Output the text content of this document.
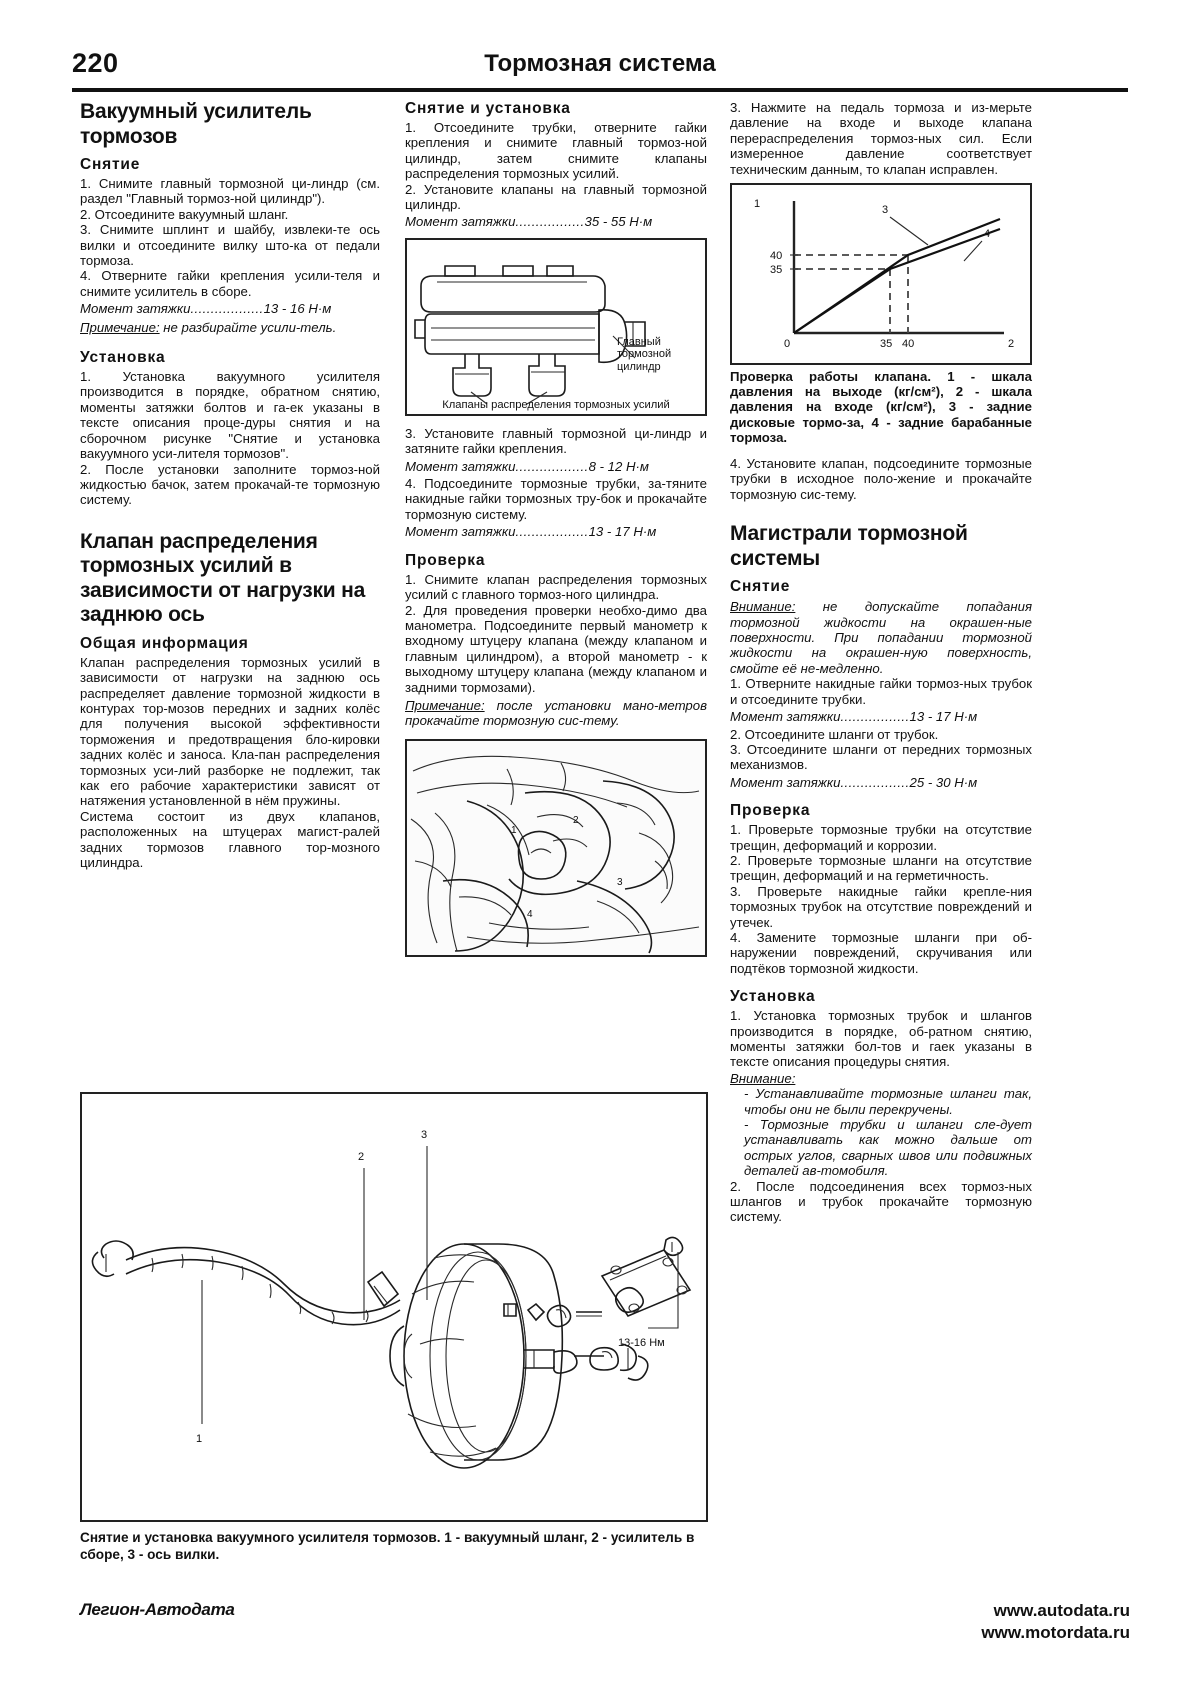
220	Тормозная система
Вакуумный усилитель тормозов
Снятие

1. Снимите главный тормозной ци-линдр (см. раздел "Главный тормоз-ной цилиндр").

2. Отсоедините вакуумный шланг.

3. Снимите шплинт и шайбу, извлеки-те ось вилки и отсоедините вилку што-ка от педали тормоза.

4. Отверните гайки крепления усили-теля и снимите усилитель в сборе.

Момент затяжки..................13 - 16 Н·м

Примечание: не разбирайте усили-тель.

Установка

1. Установка вакуумного усилителя производится в порядке, обратном снятию, моменты затяжки болтов и га-ек указаны в тексте описания проце-дуры снятия и на сборочном рисунке "Снятие и установка вакуумного уси-лителя тормозов".

2. После установки заполните тормоз-ной жидкостью бачок, затем прокачай-те тормозную систему.

Клапан распределения тормозных усилий в зависимости от нагрузки на заднюю ось
Общая информация

Клапан распределения тормозных усилий в зависимости от нагрузки на заднюю ось распределяет давление тормозной жидкости в контурах тор-мозов передних и задних колёс для получения высокой эффективности торможения и предотвращения бло-кировки задних колёс и заноса. Кла-пан распределения тормозных уси-лий разборке не подлежит, так как его рабочие характеристики зависят от натяжения установленной в нём пружины.

Система состоит из двух клапанов, расположенных на штуцерах магист-ралей задних тормозов главного тор-мозного цилиндра.

Снятие и установка

1. Отсоедините трубки, отверните гайки крепления и снимите главный тормоз-ной цилиндр, затем снимите клапаны распределения тормозных усилий.

2. Установите клапаны на главный тормозной цилиндр.

Момент затяжки.................35 - 55 Н·м
Главный тормозной цилиндр
Клапаны распределения тормозных усилий

3. Установите главный тормозной ци-линдр и затяните гайки крепления.

Момент затяжки..................8 - 12 Н·м

4. Подсоедините тормозные трубки, за-тяните накидные гайки тормозных тру-бок и прокачайте тормозную систему.

Момент затяжки..................13 - 17 Н·м
Проверка

1. Снимите клапан распределения тормозных усилий с главного тормоз-ного цилиндра.

2. Для проведения проверки необхо-димо два манометра. Подсоедините первый манометр к входному штуцеру клапана (между клапаном и главным цилиндром), а второй манометр - к выходному штуцеру клапана (между клапаном и задними тормозами).

Примечание: после установки мано-метров прокачайте тормозную сис-тему.

1
2
3
4

3. Нажмите на педаль тормоза и из-мерьте давление на входе и выходе клапана перераспределения тормоз-ных сил. Если измеренное давление соответствует техническим данным, то клапан исправлен.

1
2
3
4
40
35
0	35 40

Проверка работы клапана. 1 - шкала давления на выходе (кг/см²), 2 - шкала давления на входе (кг/см²), 3 - задние дисковые тормо-за, 4 - задние барабанные тормоза.

4. Установите клапан, подсоедините тормозные трубки в исходное поло-жение и прокачайте тормозную сис-тему.

Магистрали тормозной системы
Снятие

Внимание: не допускайте попадания тормозной жидкости на окрашен-ные поверхности. При попадании тормозной жидкости на окрашен-ную поверхность, смойте её не-медленно.

1. Отверните накидные гайки тормоз-ных трубок и отсоедините трубки.

Момент затяжки.................13 - 17 Н·м

2. Отсоедините шланги от трубок.

3. Отсоедините шланги от передних тормозных механизмов.

Момент затяжки.................25 - 30 Н·м
Проверка

1. Проверьте тормозные трубки на отсутствие трещин, деформаций и коррозии.

2. Проверьте тормозные шланги на отсутствие трещин, деформаций и на герметичность.

3. Проверьте накидные гайки крепле-ния тормозных трубок на отсутствие повреждений и утечек.

4. Замените тормозные шланги при об-наружении повреждений, скручивания или подтёков тормозной жидкости.

Установка

1. Установка тормозных трубок и шлангов производится в порядке, об-ратном снятию, моменты затяжки бол-тов и гаек указаны в тексте описания процедуры снятия.

Внимание:

- Устанавливайте тормозные шланги так, чтобы они не были перекручены.

- Тормозные трубки и шланги сле-дует устанавливать как можно дальше от острых углов, сварных швов или подвижных деталей ав-томобиля.

2. После подсоединения всех тормоз-ных шлангов и трубок прокачайте тормозную систему.

3
2
1
13-16 Нм
Снятие и установка вакуумного усилителя тормозов. 1 - вакуумный шланг, 2 - усилитель в сборе, 3 - ось вилки.
Легион-Автодата	www.autodata.ru
www.motordata.ru
